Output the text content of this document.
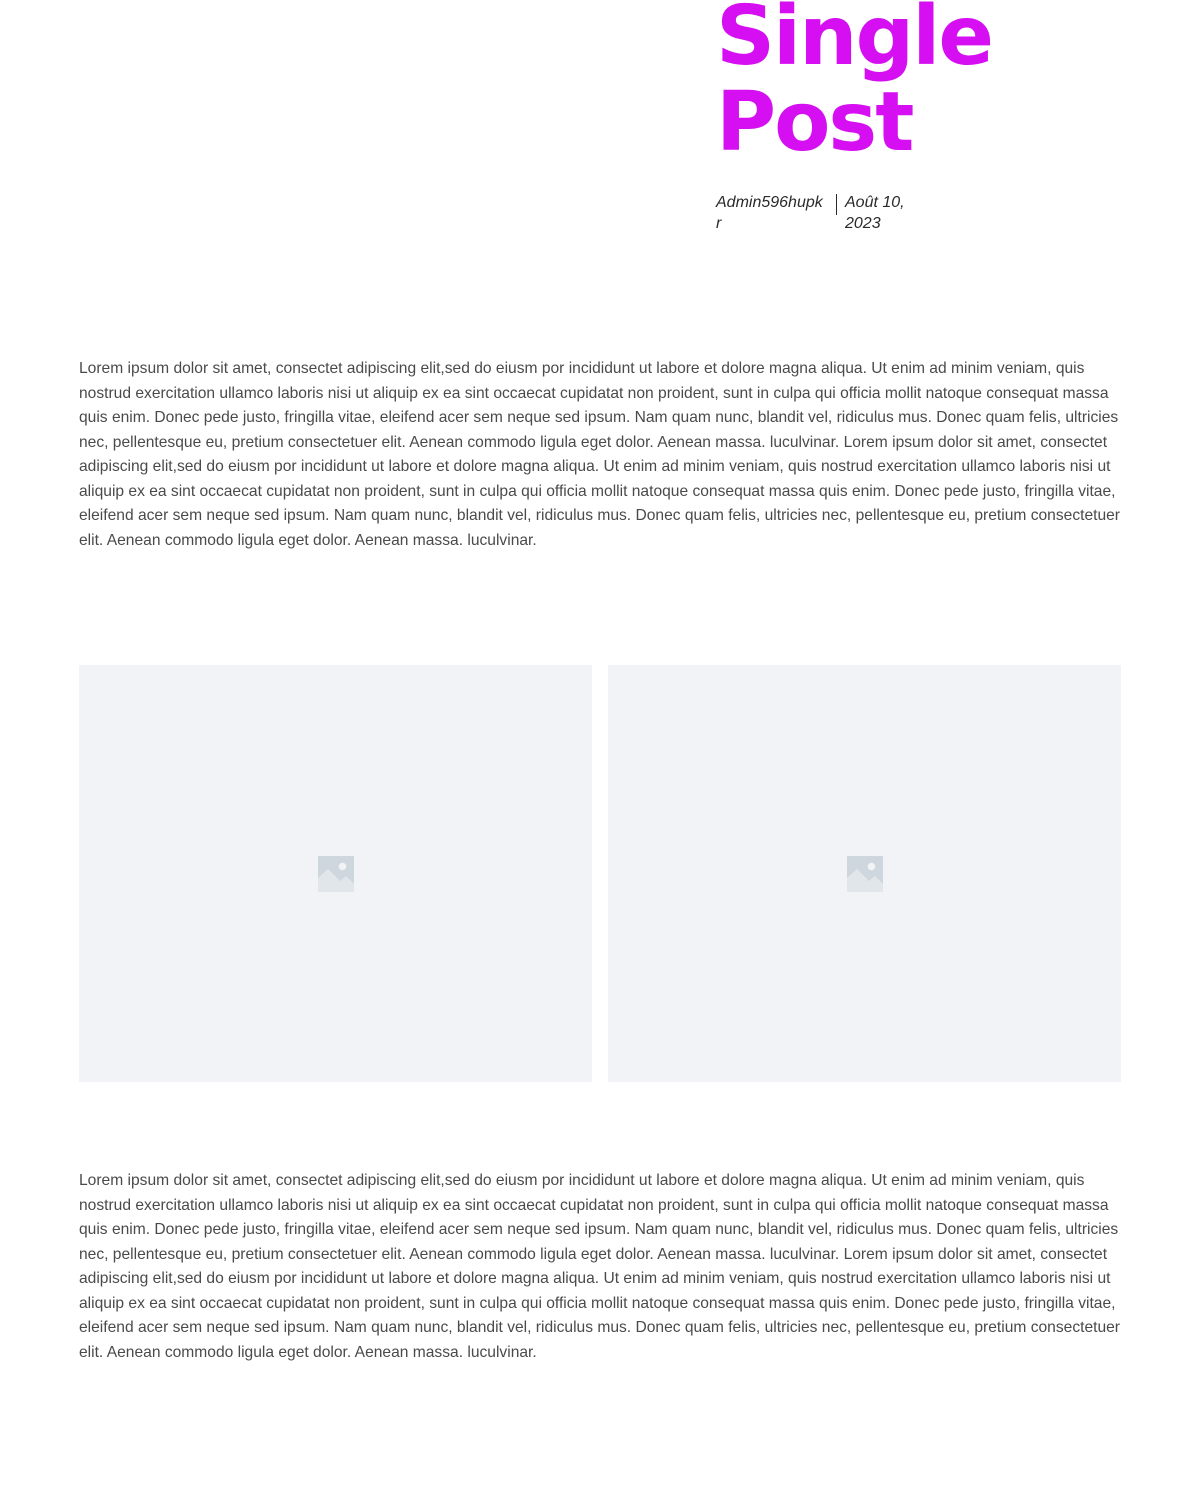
Single
Post
Admin596hupkr
Août 10, 2023

Lorem ipsum dolor sit amet, consectet adipiscing elit,sed do eiusm por incididunt ut labore et dolore magna aliqua. Ut enim ad minim veniam, quis nostrud exercitation ullamco laboris nisi ut aliquip ex ea sint occaecat cupidatat non proident, sunt in culpa qui officia mollit natoque consequat massa quis enim. Donec pede justo, fringilla vitae, eleifend acer sem neque sed ipsum. Nam quam nunc, blandit vel, ridiculus mus. Donec quam felis, ultricies nec, pellentesque eu, pretium consectetuer elit. Aenean commodo ligula eget dolor. Aenean massa. luculvinar. Lorem ipsum dolor sit amet, consectet adipiscing elit,sed do eiusm por incididunt ut labore et dolore magna aliqua. Ut enim ad minim veniam, quis nostrud exercitation ullamco laboris nisi ut aliquip ex ea sint occaecat cupidatat non proident, sunt in culpa qui officia mollit natoque consequat massa quis enim. Donec pede justo, fringilla vitae, eleifend acer sem neque sed ipsum. Nam quam nunc, blandit vel, ridiculus mus. Donec quam felis, ultricies nec, pellentesque eu, pretium consectetuer elit. Aenean commodo ligula eget dolor. Aenean massa. luculvinar.

Lorem ipsum dolor sit amet, consectet adipiscing elit,sed do eiusm por incididunt ut labore et dolore magna aliqua. Ut enim ad minim veniam, quis nostrud exercitation ullamco laboris nisi ut aliquip ex ea sint occaecat cupidatat non proident, sunt in culpa qui officia mollit natoque consequat massa quis enim. Donec pede justo, fringilla vitae, eleifend acer sem neque sed ipsum. Nam quam nunc, blandit vel, ridiculus mus. Donec quam felis, ultricies nec, pellentesque eu, pretium consectetuer elit. Aenean commodo ligula eget dolor. Aenean massa. luculvinar. Lorem ipsum dolor sit amet, consectet adipiscing elit,sed do eiusm por incididunt ut labore et dolore magna aliqua. Ut enim ad minim veniam, quis nostrud exercitation ullamco laboris nisi ut aliquip ex ea sint occaecat cupidatat non proident, sunt in culpa qui officia mollit natoque consequat massa quis enim. Donec pede justo, fringilla vitae, eleifend acer sem neque sed ipsum. Nam quam nunc, blandit vel, ridiculus mus. Donec quam felis, ultricies nec, pellentesque eu, pretium consectetuer elit. Aenean commodo ligula eget dolor. Aenean massa. luculvinar.
